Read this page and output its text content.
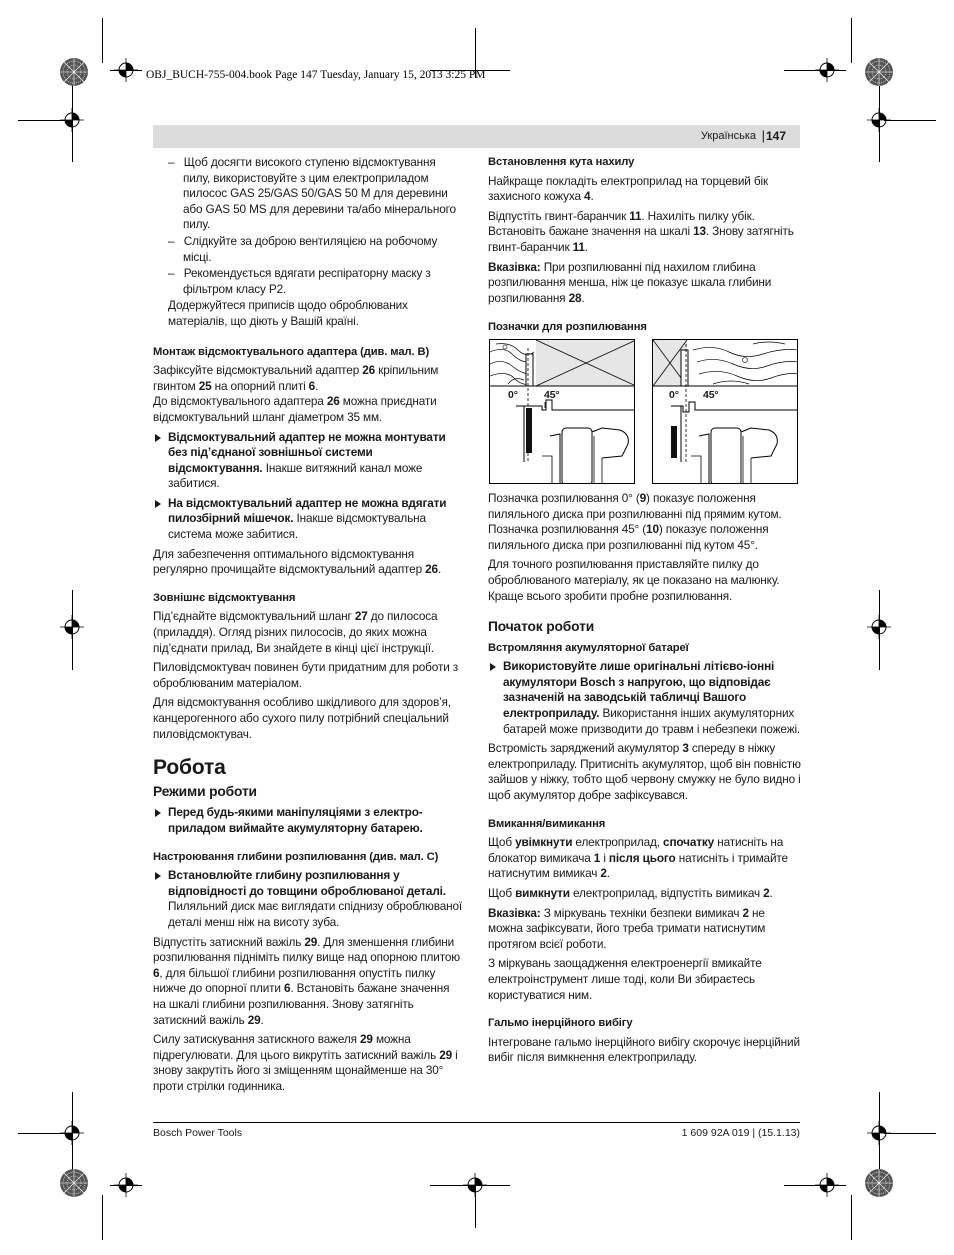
OBJ_BUCH-755-004.book Page 147 Tuesday, January 15, 2013 3:25 PM
Українська | 147

–   Щоб досягти високого ступеню відсмоктування пилу, використовуйте з цим електроприладом пилосос GAS 25/GAS 50/GAS 50 M для деревини або GAS 50 MS для деревини та/або мінерального пилу.

–   Слідкуйте за доброю вентиляцією на робочому місці.

–   Рекомендується вдягати респіраторну маску з фільтром класу P2.

Додержуйтеся приписів щодо оброблюваних матеріалів, що діють у Вашій країні.

Монтаж відсмоктувального адаптера (див. мал. B)

Зафіксуйте відсмоктувальний адаптер 26 кріпильним гвинтом 25 на опорний плиті 6.

До відсмоктувального адаптера 26 можна приєднати відсмоктувальний шланг діаметром 35 мм.

Відсмоктувальний адаптер не можна монтувати без під’єднаної зовнішньої системи відсмоктування. Інакше витяжний канал може забитися.
На відсмоктувальний адаптер не можна вдягати пилозбірний мішечок. Інакше відсмоктувальна система може забитися.

Для забезпечення оптимального відсмоктування регулярно прочищайте відсмоктувальний адаптер 26.

Зовнішнє відсмоктування

Під’єднайте відсмоктувальний шланг 27 до пилососа (приладдя). Огляд різних пилососів, до яких можна під’єднати прилад, Ви знайдете в кінці цієї інструкції.

Пиловідсмоктувач повинен бути придатним для роботи з оброблюваним матеріалом.

Для відсмоктування особливо шкідливого для здоров’я, канцерогенного або сухого пилу потрібний спеціальний пиловідсмоктувач.

Робота
Режими роботи
Перед будь-якими маніпуляціями з електроприладом виймайте акумуляторну батарею.
Настроювання глибини розпилювання (див. мал. C)
Встановлюйте глибину розпилювання у відповідності до товщини оброблюваної деталі. Пиляльний диск має виглядати спіднизу оброблюваної деталі менш ніж на висоту зуба.

Відпустіть затискний важіль 29. Для зменшення глибини розпилювання підніміть пилку вище над опорною плитою 6, для більшої глибини розпилювання опустіть пилку нижче до опорної плити 6. Встановіть бажане значення на шкалі глибини розпилювання. Знову затягніть затискний важіль 29.

Силу затискування затискного важеля 29 можна підрегулювати. Для цього викрутіть затискний важіль 29 і знову закрутіть його зі зміщенням щонайменше на 30° проти стрілки годинника.

Встановлення кута нахилу

Найкраще покладіть електроприлад на торцевий бік захисного кожуха 4.

Відпустіть гвинт-баранчик 11. Нахиліть пилку убік. Встановіть бажане значення на шкалі 13. Знову затягніть гвинт-баранчик 11.

Вказівка: При розпилюванні під нахилом глибина розпилювання менша, ніж це показує шкала глибини розпилювання 28.

Позначки для розпилювання
0°	45°	0° 45°

Позначка розпилювання 0° (9) показує положення пиляльного диска при розпилюванні під прямим кутом. Позначка розпилювання 45° (10) показує положення пиляльного диска при розпилюванні під кутом 45°.

Для точного розпилювання приставляйте пилку до оброблюваного матеріалу, як це показано на малюнку. Краще всього зробити пробне розпилювання.

Початок роботи
Встромляння акумуляторної батареї
Використовуйте лише оригінальні літієво-іонні акумулятори Bosch з напругою, що відповідає зазначеній на заводській табличці Вашого електроприладу. Використання інших акумуляторних батарей може призводити до травм і небезпеки пожежі.

Встромість заряджений акумулятор 3 спереду в ніжку електроприладу. Притисніть акумулятор, щоб він повністю зайшов у ніжку, тобто щоб червону смужку не було видно і щоб акумулятор добре зафіксувався.

Вмикання/вимикання

Щоб увімкнути електроприлад, спочатку натисніть на блокатор вимикача 1 і після цього натисніть і тримайте натиснутим вимикач 2.

Щоб вимкнути електроприлад, відпустіть вимикач 2.

Вказівка: З міркувань техніки безпеки вимикач 2 не можна зафіксувати, його треба тримати натиснутим протягом всієї роботи.

З міркувань заощадження електроенергії вмикайте електроінструмент лише тоді, коли Ви збираєтесь користуватися ним.

Гальмо інерційного вибігу

Інтегроване гальмо інерційного вибігу скорочує інерційний вибіг після вимкнення електроприладу.

Bosch Power Tools	1 609 92A 019 | (15.1.13)
